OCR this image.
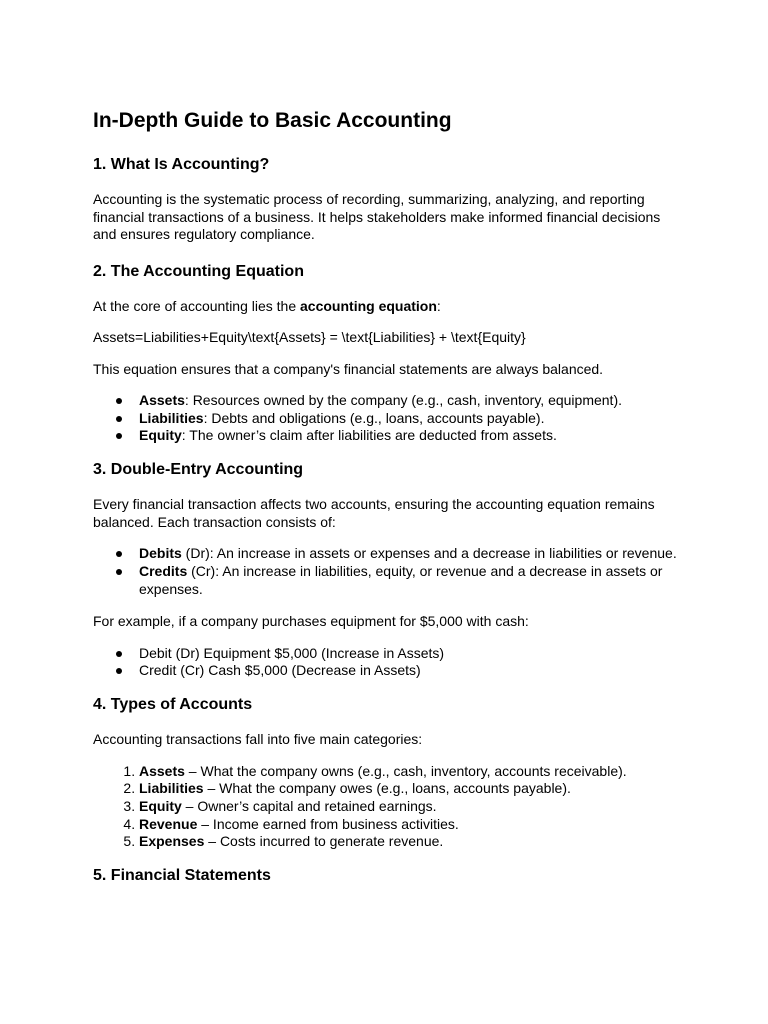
In-Depth Guide to Basic Accounting
1. What Is Accounting?

Accounting is the systematic process of recording, summarizing, analyzing, and reporting financial transactions of a business. It helps stakeholders make informed financial decisions and ensures regulatory compliance.

2. The Accounting Equation

At the core of accounting lies the accounting equation:

Assets=Liabilities+Equity\text{Assets} = \text{Liabilities} + \text{Equity}

This equation ensures that a company's financial statements are always balanced.

Assets: Resources owned by the company (e.g., cash, inventory, equipment).
Liabilities: Debts and obligations (e.g., loans, accounts payable).
Equity: The owner’s claim after liabilities are deducted from assets.
3. Double-Entry Accounting

Every financial transaction affects two accounts, ensuring the accounting equation remains balanced. Each transaction consists of:

Debits (Dr): An increase in assets or expenses and a decrease in liabilities or revenue.
Credits (Cr): An increase in liabilities, equity, or revenue and a decrease in assets or expenses.

For example, if a company purchases equipment for $5,000 with cash:

Debit (Dr) Equipment $5,000 (Increase in Assets)
Credit (Cr) Cash $5,000 (Decrease in Assets)
4. Types of Accounts

Accounting transactions fall into five main categories:

1. Assets – What the company owns (e.g., cash, inventory, accounts receivable).
2. Liabilities – What the company owes (e.g., loans, accounts payable).
3. Equity – Owner’s capital and retained earnings.
4. Revenue – Income earned from business activities.
5. Expenses – Costs incurred to generate revenue.
5. Financial Statements
